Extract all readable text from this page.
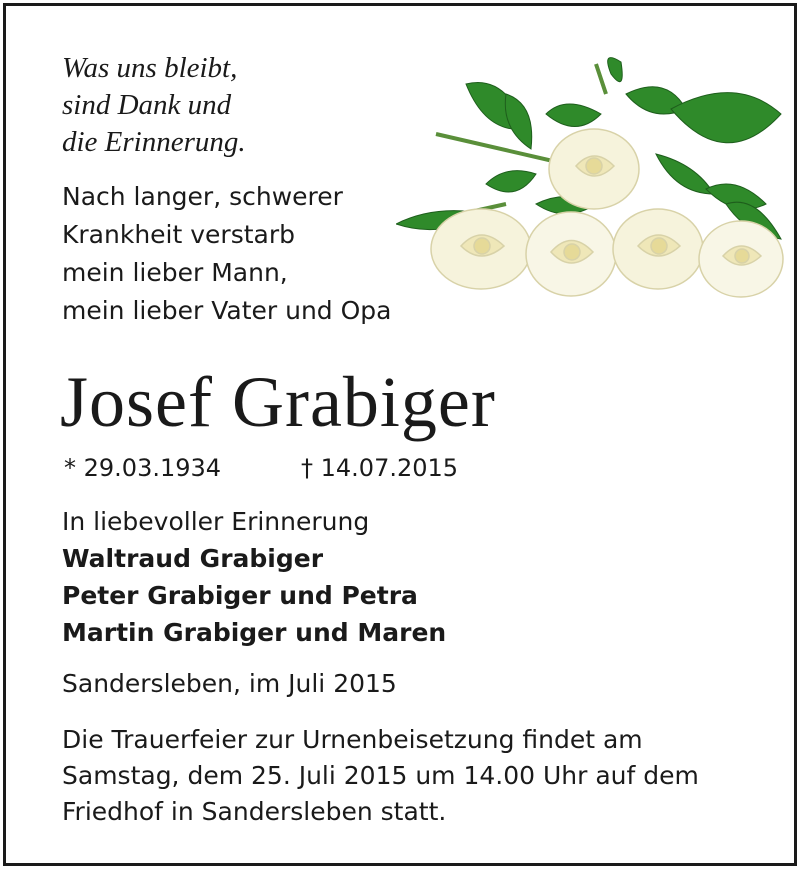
Was uns bleibt,
sind Dank und
die Erinnerung.
Nach langer, schwerer
Krankheit verstarb
mein lieber Mann,
mein lieber Vater und Opa
Josef Grabiger
* 29.03.1934	† 14.07.2015
In liebevoller Erinnerung
Waltraud Grabiger
Peter Grabiger und Petra
Martin Grabiger und Maren
Sandersleben, im Juli 2015
Die Trauerfeier zur Urnenbeisetzung findet am
Samstag, dem 25. Juli 2015 um 14.00 Uhr auf dem
Friedhof in Sandersleben statt.
